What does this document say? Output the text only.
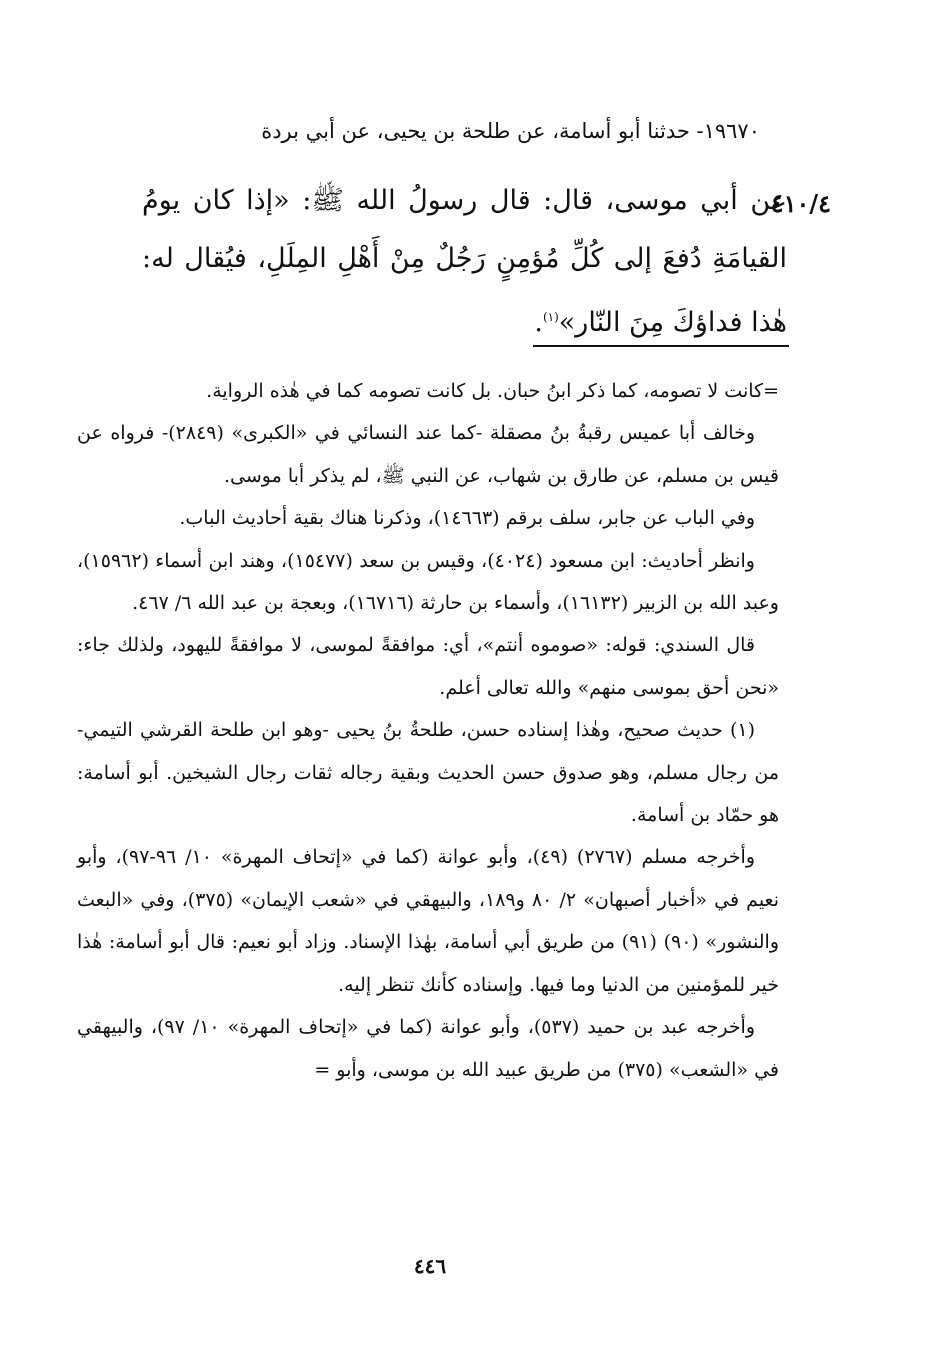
١٩٦٧٠- حدثنا أبو أسامة، عن طلحة بن يحيى، عن أبي بردة
٤١٠/٤
عن أبي موسى، قال: قال رسولُ الله ﷺ: «إذا كان يومُ القيامَةِ دُفعَ إلى كُلِّ مُؤمِنٍ رَجُلٌ مِنْ أَهْلِ المِلَلِ، فيُقال له: هٰذا فداؤكَ مِنَ النّار»$^{(١)}$.

=كانت لا تصومه، كما ذكر ابنُ حبان. بل كانت تصومه كما في هٰذه الرواية.

وخالف أبا عميس رقبةُ بنُ مصقلة -كما عند النسائي في «الكبرى» (٢٨٤٩)- فرواه عن قيس بن مسلم، عن طارق بن شهاب، عن النبي ﷺ، لم يذكر أبا موسى.

وفي الباب عن جابر، سلف برقم (١٤٦٦٣)، وذكرنا هناك بقية أحاديث الباب.

وانظر أحاديث: ابن مسعود (٤٠٢٤)، وقيس بن سعد (١٥٤٧٧)، وهند ابن أسماء (١٥٩٦٢)، وعبد الله بن الزبير (١٦١٣٢)، وأسماء بن حارثة (١٦٧١٦)، وبعجة بن عبد الله ٦/ ٤٦٧.

قال السندي: قوله: «صوموه أنتم»، أي: موافقةً لموسى، لا موافقةً لليهود، ولذلك جاء: «نحن أحق بموسى منهم» والله تعالى أعلم.

(١) حديث صحيح، وهٰذا إسناده حسن، طلحةُ بنُ يحيى -وهو ابن طلحة القرشي التيمي- من رجال مسلم، وهو صدوق حسن الحديث وبقية رجاله ثقات رجال الشيخين. أبو أسامة: هو حمّاد بن أسامة.

وأخرجه مسلم (٢٧٦٧) (٤٩)، وأبو عوانة (كما في «إتحاف المهرة» ١٠/ ٩٦-٩٧)، وأبو نعيم في «أخبار أصبهان» ٢/ ٨٠ و١٨٩، والبيهقي في «شعب الإيمان» (٣٧٥)، وفي «البعث والنشور» (٩٠) (٩١) من طريق أبي أسامة، بهٰذا الإسناد. وزاد أبو نعيم: قال أبو أسامة: هٰذا خير للمؤمنين من الدنيا وما فيها. وإسناده كأنك تنظر إليه.

وأخرجه عبد بن حميد (٥٣٧)، وأبو عوانة (كما في «إتحاف المهرة» ١٠/ ٩٧)، والبيهقي في «الشعب» (٣٧٥) من طريق عبيد الله بن موسى، وأبو =

٤٤٦
